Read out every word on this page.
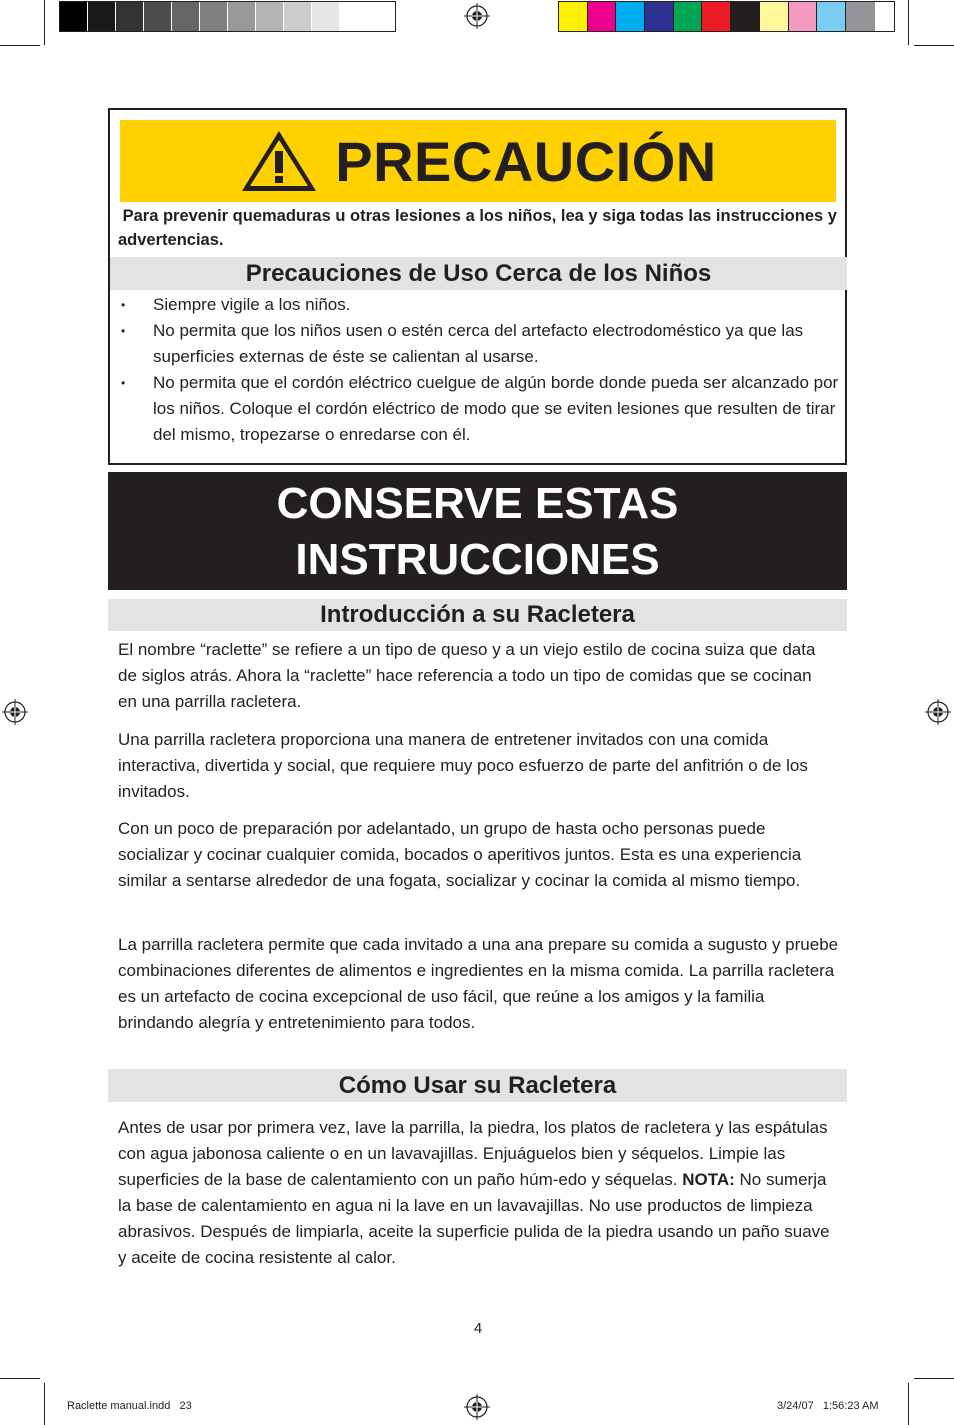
PRECAUCIÓN
Para prevenir quemaduras u otras lesiones a los niños, lea y siga todas las instrucciones y advertencias.
Precauciones de Uso Cerca de los Niños
• Siempre vigile a los niños.
• No permita que los niños usen o estén cerca del artefacto electrodoméstico ya que las superficies externas de éste se calientan al usarse.
• No permita que el cordón eléctrico cuelgue de algún borde donde pueda ser alcanzado por los niños. Coloque el cordón eléctrico de modo que se eviten lesiones que resulten de tirar del mismo, tropezarse o enredarse con él.
CONSERVE ESTAS
INSTRUCCIONES
Introducción a su Racletera
El nombre “raclette” se refiere a un tipo de queso y a un viejo estilo de cocina suiza que data de siglos atrás. Ahora la “raclette” hace referencia a todo un tipo de comidas que se cocinan en una parrilla racletera.
Una parrilla racletera proporciona una manera de entretener invitados con una comida interactiva, divertida y social, que requiere muy poco esfuerzo de parte del anfitrión o de los invitados.
Con un poco de preparación por adelantado, un grupo de hasta ocho personas puede socializar y cocinar cualquier comida, bocados o aperitivos juntos. Esta es una experiencia similar a sentarse alrededor de una fogata, socializar y cocinar la comida al mismo tiempo.
La parrilla racletera permite que cada invitado a una ana prepare su comida a sugusto y pruebe combinaciones diferentes de alimentos e ingredientes en la misma comida. La parrilla racletera es un artefacto de cocina excepcional de uso fácil, que reúne a los amigos y la familia brindando alegría y entretenimiento para todos.
Cómo Usar su Racletera
Antes de usar por primera vez, lave la parrilla, la piedra, los platos de racletera y las espátulas con agua jabonosa caliente o en un lavavajillas. Enjuáguelos bien y séquelos. Limpie las superficies de la base de calentamiento con un paño húm-edo y séquelas. NOTA: No sumerja la base de calentamiento en agua ni la lave en un lavavajillas. No use productos de limpieza abrasivos. Después de limpiarla, aceite la superficie pulida de la piedra usando un paño suave y aceite de cocina resistente al calor.
4
Raclette manual.indd   23	3/24/07   1:56:23 AM
